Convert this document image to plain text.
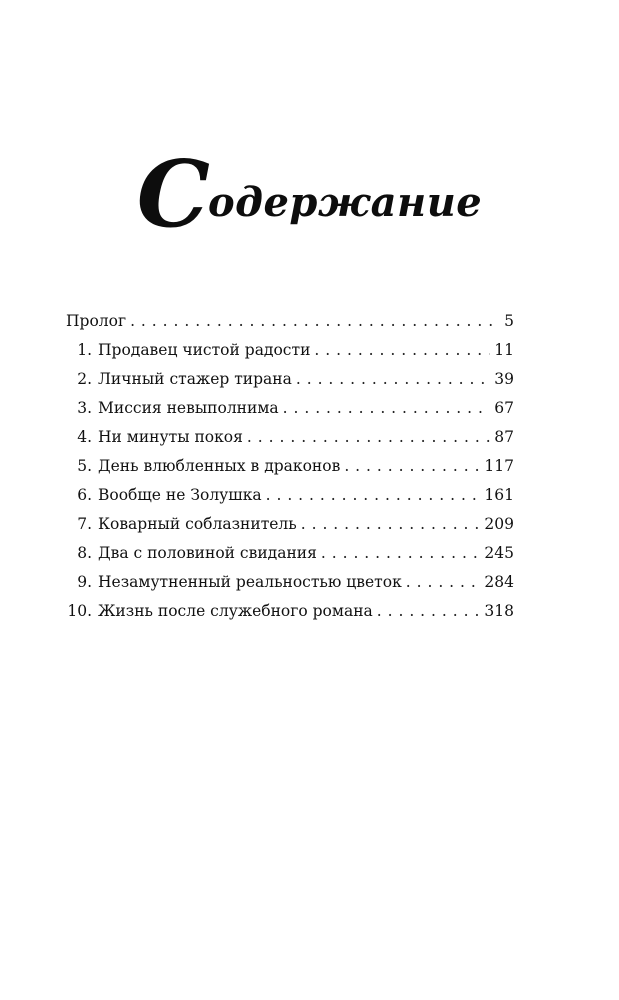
Содержание
Пролог . . .	5
1. Продавец чистой радости . . .	11
2. Личный стажер тирана . . .	39
3. Миссия невыполнима . . .	67
4. Ни минуты покоя . . .	87
5. День влюбленных в драконов . . .	117
6. Вообще не Золушка . . .	161
7. Коварный соблазнитель . . .	209
8. Два с половиной свидания . . .	245
9. Незамутненный реальностью цветок . . .	284
10. Жизнь после служебного романа . . .	318
